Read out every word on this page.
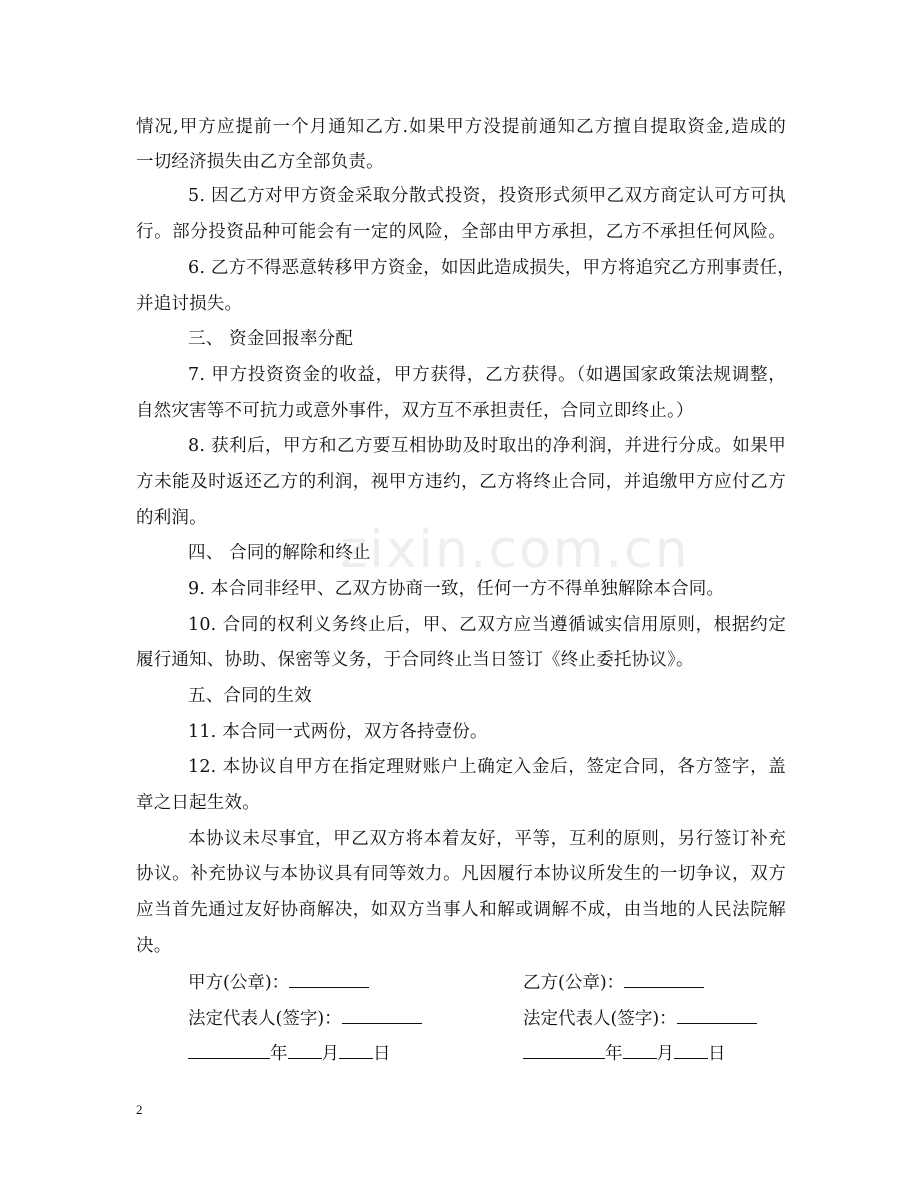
zixin.com.cn
情况,甲方应提前一个月通知乙方.如果甲方没提前通知乙方擅自提取资金,造成的
一切经济损失由乙方全部负责。
5. 因乙方对甲方资金采取分散式投资，投资形式须甲乙双方商定认可方可执
行。部分投资品种可能会有一定的风险，全部由甲方承担，乙方不承担任何风险。
6. 乙方不得恶意转移甲方资金，如因此造成损失，甲方将追究乙方刑事责任，
并追讨损失。
三、 资金回报率分配
7. 甲方投资资金的收益，甲方获得，乙方获得。（如遇国家政策法规调整，
自然灾害等不可抗力或意外事件，双方互不承担责任，合同立即终止。）
8. 获利后，甲方和乙方要互相协助及时取出的净利润，并进行分成。如果甲
方未能及时返还乙方的利润，视甲方违约，乙方将终止合同，并追缴甲方应付乙方
的利润。
四、 合同的解除和终止
9. 本合同非经甲、乙双方协商一致，任何一方不得单独解除本合同。
10. 合同的权利义务终止后，甲、乙双方应当遵循诚实信用原则，根据约定
履行通知、协助、保密等义务，于合同终止当日签订《终止委托协议》。
五、合同的生效
11. 本合同一式两份，双方各持壹份。
12. 本协议自甲方在指定理财账户上确定入金后，签定合同，各方签字，盖
章之日起生效。
本协议未尽事宜，甲乙双方将本着友好，平等，互利的原则，另行签订补充
协议。补充协议与本协议具有同等效力。凡因履行本协议所发生的一切争议，双方
应当首先通过友好协商解决，如双方当事人和解或调解不成，由当地的人民法院解
决。
甲方(公章)：	乙方(公章)：
法定代表人(签字)：	法定代表人(签字)：
年 月 日	年 月 日
2
